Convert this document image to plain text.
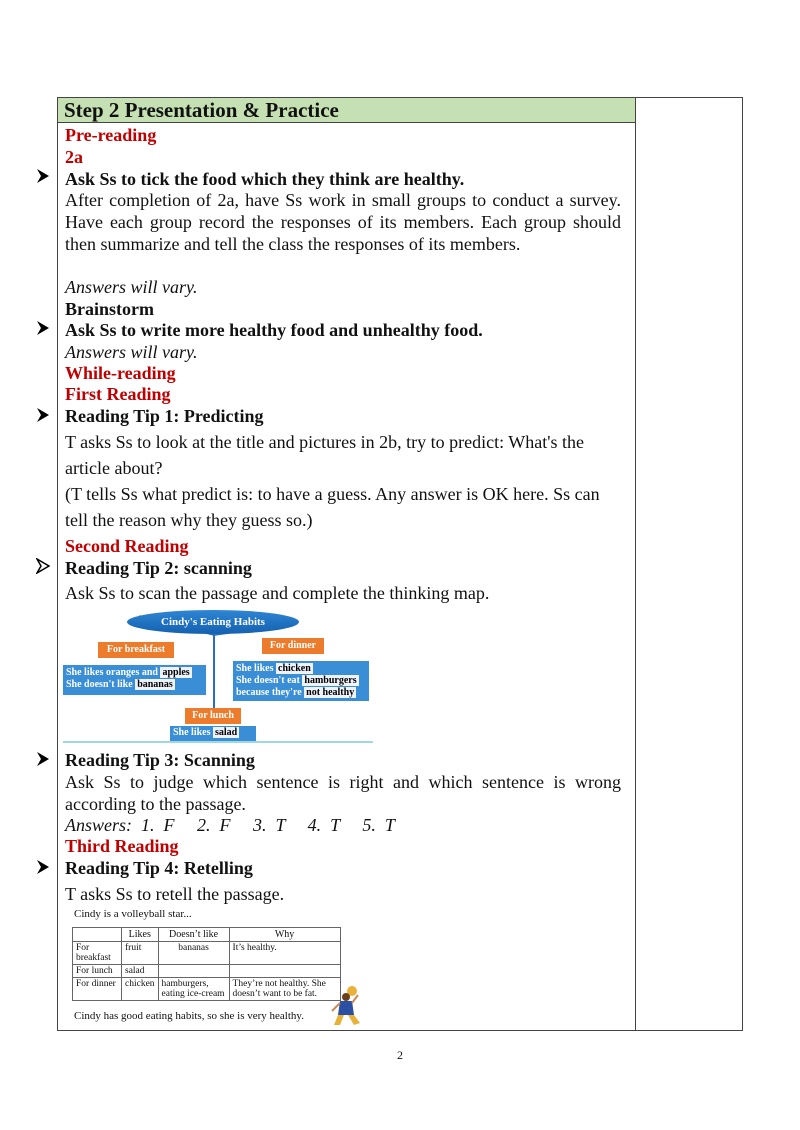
Step 2 Presentation & Practice
Pre-reading
2a
Ask Ss to tick the food which they think are healthy.
After completion of 2a, have Ss work in small groups to conduct a survey. Have each group record the responses of its members. Each group should then summarize and tell the class the responses of its members.
Answers will vary.
Brainstorm
Ask Ss to write more healthy food and unhealthy food.
Answers will vary.
While-reading
First Reading
Reading Tip 1: Predicting
T asks Ss to look at the title and pictures in 2b, try to predict: What's the
article about?
(T tells Ss what predict is: to have a guess. Any answer is OK here. Ss can
tell the reason why they guess so.)
Second Reading
Reading Tip 2: scanning
Ask Ss to scan the passage and complete the thinking map.
Cindy's Eating Habits
For breakfast	For dinner
For lunch
She likes oranges and apples
She doesn't like bananas
She likes chicken
She doesn't eat hamburgers
because they're not healthy
She likes salad
Reading Tip 3: Scanning
Ask Ss to judge which sentence is right and which sentence is wrong according to the passage.
Answers:  1.  F     2.  F     3.  T     4.  T     5.  T
Third Reading
Reading Tip 4: Retelling
T asks Ss to retell the passage.
Cindy is a volleyball star...
	Likes	Doesn’t like	Why
For breakfast	fruit	bananas	It’s healthy.
For lunch	salad		
For dinner	chicken	hamburgers, eating ice-cream	They’re not healthy. She doesn’t want to be fat.
Cindy has good eating habits, so she is very healthy.
2
